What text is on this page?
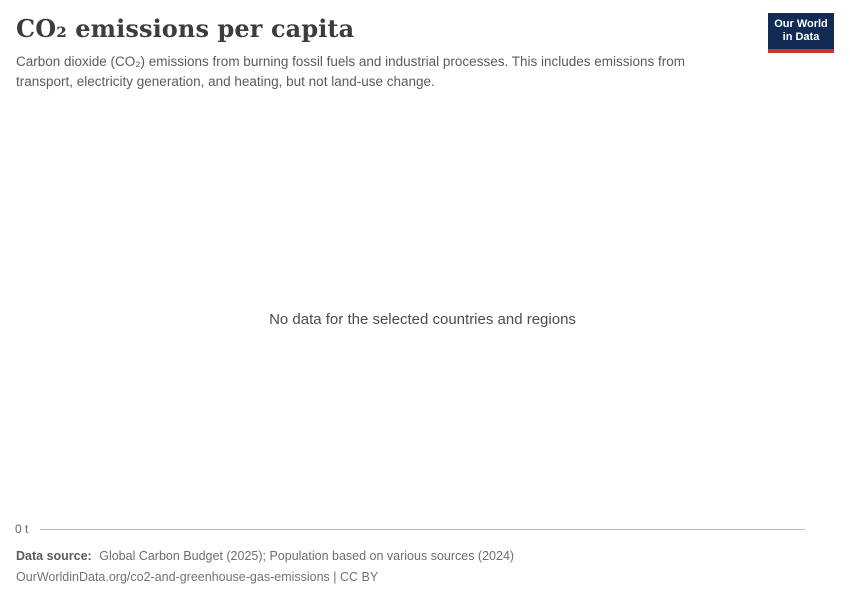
CO₂ emissions per capita	Our World
in Data

Carbon dioxide (CO₂) emissions from burning fossil fuels and industrial processes. This includes emissions from transport, electricity generation, and heating, but not land-use change.

No data for the selected countries and regions
0 t
Data source: Global Carbon Budget (2025); Population based on various sources (2024)
OurWorldinData.org/co2-and-greenhouse-gas-emissions | CC BY
